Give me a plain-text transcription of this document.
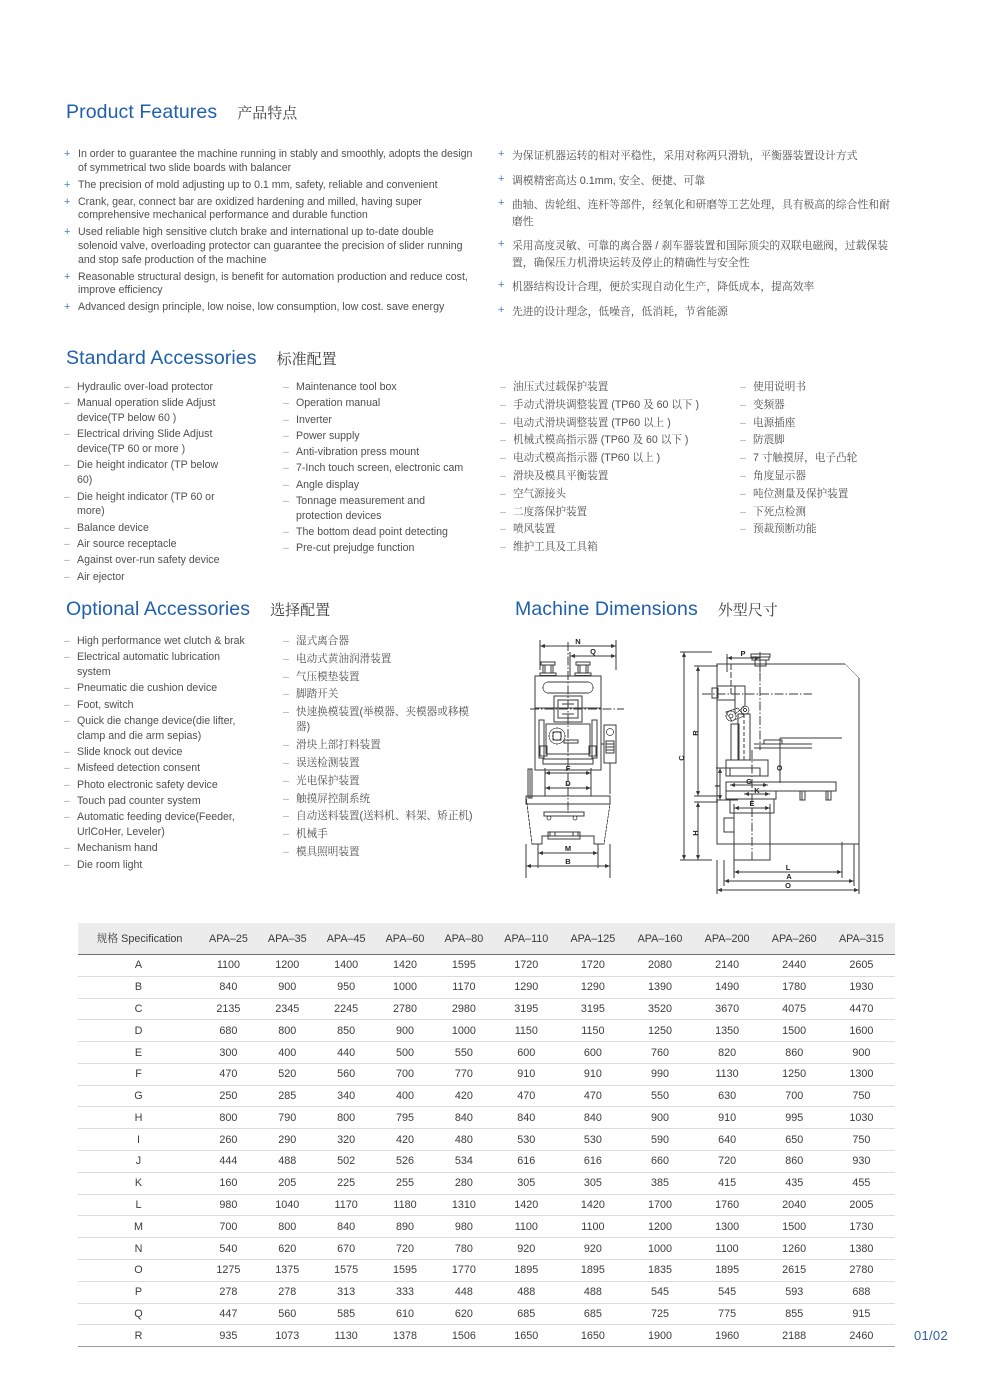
Product Features 产品特点
+ In order to guarantee the machine running in stably and smoothly, adopts the design of symmetrical two slide boards with balancer
+ The precision of mold adjusting up to 0.1 mm, safety, reliable and convenient
+ Crank, gear, connect bar are oxidized hardening and milled, having super comprehensive mechanical performance and durable function
+ Used reliable high sensitive clutch brake and international up to-date double solenoid valve, overloading protector can guarantee the precision of slider running and stop safe production of the machine
+ Reasonable structural design, is benefit for automation production and reduce cost, improve efficiency
+ Advanced design principle, low noise, low consumption, low cost. save energy
+ 为保证机器运转的相对平稳性，采用对称两只滑轨，平衡器装置设计方式
+ 调模精密高达 0.1mm, 安全、便捷、可靠
+ 曲轴、齿轮组、连杆等部件，经氧化和研磨等工艺处理，具有极高的综合性和耐磨性
+ 采用高度灵敏、可靠的离合器 / 刹车器装置和国际顶尖的双联电磁阀，过载保装置，确保压力机滑块运转及停止的精确性与安全性
+ 机器结构设计合理，便於实现自动化生产，降低成本，提高效率
+ 先进的设计理念，低噪音，低消耗，节省能源
Standard Accessories 标准配置
– Hydraulic over-load protector
– Manual operation slide Adjust device(TP below 60 )
– Electrical driving Slide Adjust device(TP 60 or more )
– Die height indicator (TP below 60)
– Die height indicator (TP 60 or more)
– Balance device
– Air source receptacle
– Against over-run safety device
– Air ejector
– Maintenance tool box
– Operation manual
– Inverter
– Power supply
– Anti-vibration press mount
– 7-Inch touch screen, electronic cam
– Angle display
– Tonnage measurement and protection devices
– The bottom dead point detecting
– Pre-cut prejudge function
– 油压式过载保护装置
– 手动式滑块调整装置 (TP60 及 60 以下 )
– 电动式滑块调整装置 (TP60 以上 )
– 机械式模高指示器 (TP60 及 60 以下 )
– 电动式模高指示器 (TP60 以上 )
– 滑块及模具平衡装置
– 空气源接头
– 二度落保护装置
– 喷风装置
– 维护工具及工具箱
– 使用说明书
– 变频器
– 电源插座
– 防震脚
– 7 寸触摸屏，电子凸轮
– 角度显示器
– 吨位测量及保护装置
– 下死点检测
– 预裁预断功能
Optional Accessories 选择配置
– High performance wet clutch & brak
– Electrical automatic lubrication system
– Pneumatic die cushion device
– Foot, switch
– Quick die change device(die lifter, clamp and die arm sepias)
– Slide knock out device
– Misfeed detection consent
– Photo electronic safety device
– Touch pad counter system
– Automatic feeding device(Feeder, UrlCoHer, Leveler)
– Mechanism hand
– Die room light
– 湿式离合器
– 电动式黄油润滑装置
– 气压模垫装置
– 脚踏开关
– 快速换模装置(举模器、夹模器或移模器)
– 滑块上部打料装置
– 误送检测装置
– 光电保护装置
– 触摸屏控制系统
– 自动送料装置(送料机、料架、矫正机)
– 机械手
– 模具照明装置
Machine Dimensions 外型尺寸
N
Q
F
D
M
B
C
R
H
I
P
G
K
E
O
L
A
O
规格 Specification	APA–25	APA–35	APA–45	APA–60	APA–80	APA–110	APA–125	APA–160	APA–200	APA–260	APA–315
A	1100	1200	1400	1420	1595	1720	1720	2080	2140	2440	2605
B	840	900	950	1000	1170	1290	1290	1390	1490	1780	1930
C	2135	2345	2245	2780	2980	3195	3195	3520	3670	4075	4470
D	680	800	850	900	1000	1150	1150	1250	1350	1500	1600
E	300	400	440	500	550	600	600	760	820	860	900
F	470	520	560	700	770	910	910	990	1130	1250	1300
G	250	285	340	400	420	470	470	550	630	700	750
H	800	790	800	795	840	840	840	900	910	995	1030
I	260	290	320	420	480	530	530	590	640	650	750
J	444	488	502	526	534	616	616	660	720	860	930
K	160	205	225	255	280	305	305	385	415	435	455
L	980	1040	1170	1180	1310	1420	1420	1700	1760	2040	2005
M	700	800	840	890	980	1100	1100	1200	1300	1500	1730
N	540	620	670	720	780	920	920	1000	1100	1260	1380
O	1275	1375	1575	1595	1770	1895	1895	1835	1895	2615	2780
P	278	278	313	333	448	488	488	545	545	593	688
Q	447	560	585	610	620	685	685	725	775	855	915
R	935	1073	1130	1378	1506	1650	1650	1900	1960	2188	2460	01/02
